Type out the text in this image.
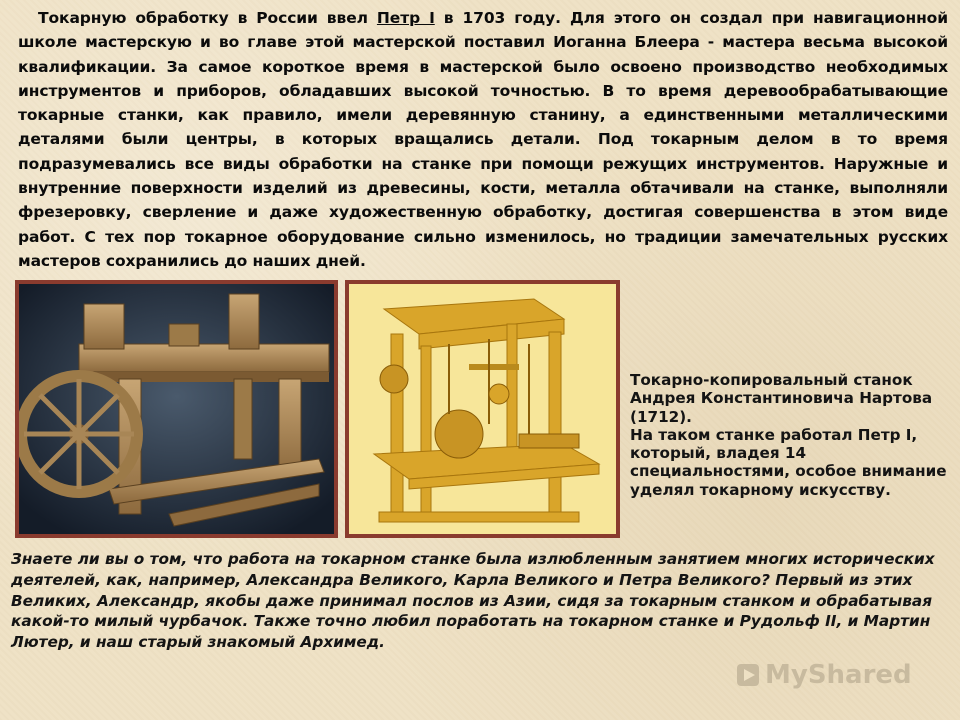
Токарную обработку в России ввел Петр I в 1703 году. Для этого он создал при навигационной школе мастерскую и во главе этой мастерской поставил Иоганна Блеера - мастера весьма высокой квалификации. За самое короткое время в мастерской было освоено производство необходимых инструментов и приборов, обладавших высокой точностью. В то время деревообрабатывающие токарные станки, как правило, имели деревянную станину, а единственными металлическими деталями были центры, в которых вращались детали. Под токарным делом в то время подразумевались все виды обработки на станке при помощи режущих инструментов. Наружные и внутренние поверхности изделий из древесины, кости, металла обтачивали на станке, выполняли фрезеровку, сверление и даже художественную обработку, достигая совершенства в этом виде работ. С тех пор токарное оборудование сильно изменилось, но традиции замечательных русских мастеров сохранились до наших дней.

Токарно-копировальный станок Андрея Константиновича Нартова (1712).

На таком станке работал Петр I, который, владея 14 специальностями, особое внимание уделял токарному искусству.

Знаете ли вы о том, что работа на токарном станке была излюбленным занятием многих исторических деятелей, как, например, Александра Великого, Карла Великого и Петра Великого? Первый из этих Великих, Александр, якобы даже принимал послов из Азии, сидя за токарным станком и обрабатывая какой-то милый чурбачок. Также точно любил поработать на токарном станке и Рудольф II, и Мартин Лютер, и наш старый знакомый Архимед.

MyShared
